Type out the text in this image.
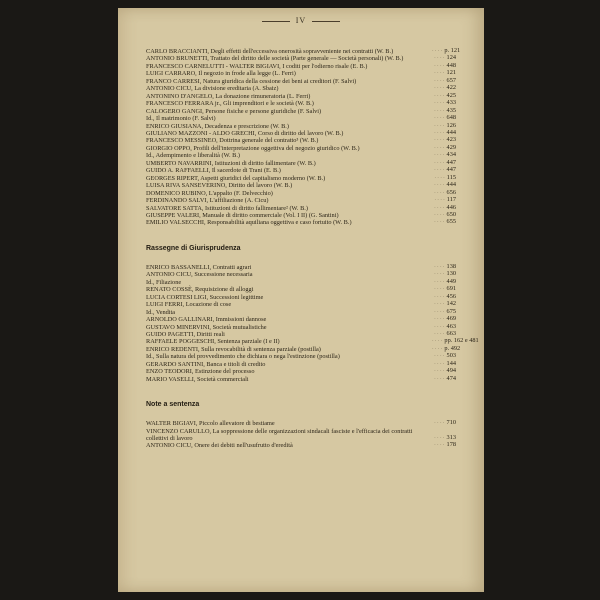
IV
CARLO BRACCIANTI, Degli effetti dell'eccessiva onerosità sopravveniente nei contratti (W. B.)	· · · · p. 121
ANTONIO BRUNETTI, Trattato del diritto delle società (Parte generale — Società personali) (W. B.)	· · · · 124
FRANCESCO CARNELUTTI - WALTER BIGIAVI, I coditi per l'odierno risale (E. B.)	· · · · 448
LUIGI CARRARO, Il negozio in frode alla legge (L. Ferri)	· · · · 121
FRANCO CARRESI, Natura giuridica della cessione dei beni ai creditori (F. Salvi)	· · · · 657
ANTONIO CICU, La divisione ereditaria (A. Sbaiz)	· · · · 422
ANTONINO D'ANGELO, La donazione rimuneratoria (L. Ferri)	· · · · 425
FRANCESCO FERRARA jr., Gli imprenditori e le società (W. B.)	· · · · 433
CALOGERO GANGI, Persone fisiche e persone giuridiche (F. Salvi)	· · · · 435
Id., Il matrimonio (F. Salvi)	· · · · 648
ENRICO GIUSIANA, Decadenza e prescrizione (W. B.)	· · · · 126
GIULIANO MAZZONI - ALDO GRECHI, Corso di diritto del lavoro (W. B.)	· · · · 444
FRANCESCO MESSINEO, Dottrina generale del contratto³ (W. B.)	· · · · 423
GIORGIO OPPO, Profili dell'interpretazione oggettiva del negozio giuridico (W. B.)	· · · · 429
Id., Adempimento e liberalità (W. B.)	· · · · 434
UMBERTO NAVARRINI, Istituzioni di diritto fallimentare (W. B.)	· · · · 447
GUIDO A. RAFFAELLI, Il sacerdote di Trani (E. B.)	· · · · 447
GEORGES RIPERT, Aspetti giuridici del capitalismo moderno (W. B.)	· · · · 115
LUISA RIVA SANSEVERINO, Diritto del lavoro (W. B.)	· · · · 444
DOMENICO RUBINO, L'appalto (F. Delvecchio)	· · · · 656
FERDINANDO SALVI, L'affiliazione (A. Cicu)	· · · · 117
SALVATORE SATTA, Istituzioni di diritto fallimentare² (W. B.)	· · · · 446
GIUSEPPE VALERI, Manuale di diritto commerciale (Vol. I II) (G. Santini)	· · · · 650
EMILIO VALSECCHI, Responsabilità aquiliana oggettiva e caso fortuito (W. B.)	· · · · 655
Rassegne di Giurisprudenza
ENRICO BASSANELLI, Contratti agrari	· · · · 138
ANTONIO CICU, Successione necessaria	· · · · 130
Id., Filiazione	· · · · 449
RENATO COSSÈ, Requisizione di alloggi	· · · · 691
LUCIA CORTESI LIGI, Successioni legittime	· · · · 456
LUIGI FERRI, Locazione di cose	· · · · 142
Id., Vendita	· · · · 675
ARNOLDO GALLINARI, Immissioni dannose	· · · · 469
GUSTAVO MINERVINI, Società mutualistiche	· · · · 463
GUIDO PAGETTI, Diritti reali	· · · · 663
RAFFAELE POGGESCHI, Sentenza parziale (I e II)	· · · · pp. 162 e 481
ENRICO REDENTI, Sulla revocabilità di sentenza parziale (postilla)	· · · · p. 492
Id., Sulla natura del provvedimento che dichiara o nega l'estinzione (postilla)	· · · · 503
GERARDO SANTINI, Banca e titoli di credito	· · · · 144
ENZO TEODORI, Estinzione del processo	· · · · 494
MARIO VASELLI, Società commerciali	· · · · 474
Note a sentenza
WALTER BIGIAVI, Piccolo allevatore di bestiame	· · · · 710
VINCENZO CARULLO, La soppressione delle organizzazioni sindacali fasciste e l'efficacia dei contratti collettivi di lavoro	· · · · 313
ANTONIO CICU, Onere dei debiti nell'usufrutto d'eredità	· · · · 178
